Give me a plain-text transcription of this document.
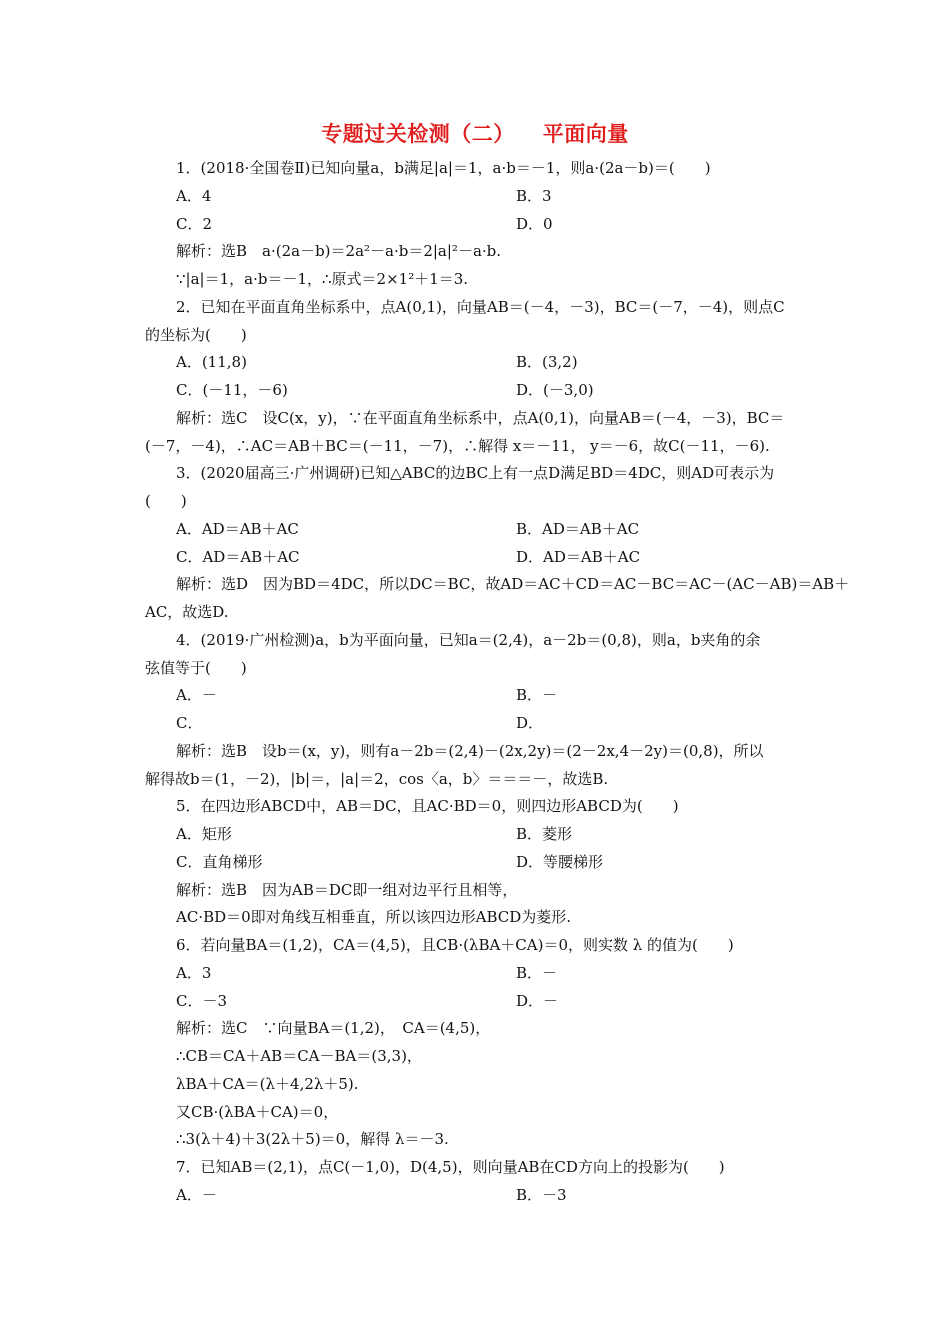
专题过关检测（二） 平面向量
1．(2018·全国卷Ⅱ)已知向量a，b满足|a|＝1，a·b＝－1，则a·(2a－b)＝(　　)
A．4	B．3
C．2	D．0
解析：选B　a·(2a－b)＝2a²－a·b＝2|a|²－a·b.
∵|a|＝1，a·b＝－1，∴原式＝2×1²＋1＝3.
2．已知在平面直角坐标系中，点A(0,1)，向量AB＝(－4，－3)，BC＝(－7，－4)，则点C
的坐标为(　　)
A．(11,8)	B．(3,2)
C．(－11，－6)	D．(－3,0)
解析：选C　设C(x，y)，∵在平面直角坐标系中，点A(0,1)，向量AB＝(－4，－3)，BC＝
(－7，－4)，∴AC＝AB＋BC＝(－11，－7)，∴解得 x＝－11， y＝－6，故C(－11，－6).
3．(2020届高三·广州调研)已知△ABC的边BC上有一点D满足BD＝4DC，则AD可表示为
(　　)
A．AD＝AB＋AC	B．AD＝AB＋AC
C．AD＝AB＋AC	D．AD＝AB＋AC
解析：选D　因为BD＝4DC，所以DC＝BC，故AD＝AC＋CD＝AC－BC＝AC－(AC－AB)＝AB＋
AC，故选D.
4．(2019·广州检测)a，b为平面向量，已知a＝(2,4)，a－2b＝(0,8)，则a，b夹角的余
弦值等于(　　)
A．－	B．－
C．	D．
解析：选B　设b＝(x，y)，则有a－2b＝(2,4)－(2x,2y)＝(2－2x,4－2y)＝(0,8)，所以
解得故b＝(1，－2)，|b|＝，|a|＝2，cos〈a，b〉＝＝＝－，故选B.
5．在四边形ABCD中，AB＝DC，且AC·BD＝0，则四边形ABCD为(　　)
A．矩形	B．菱形
C．直角梯形	D．等腰梯形
解析：选B　因为AB＝DC即一组对边平行且相等，
AC·BD＝0即对角线互相垂直，所以该四边形ABCD为菱形.
6．若向量BA＝(1,2)，CA＝(4,5)，且CB·(λBA＋CA)＝0，则实数 λ 的值为(　　)
A．3	B．－
C．－3	D．－
解析：选C　∵向量BA＝(1,2)，　CA＝(4,5)，
∴CB＝CA＋AB＝CA－BA＝(3,3)，
λBA＋CA＝(λ＋4,2λ＋5).
又CB·(λBA＋CA)＝0，
∴3(λ＋4)＋3(2λ＋5)＝0，解得 λ＝－3.
7．已知AB＝(2,1)，点C(－1,0)，D(4,5)，则向量AB在CD方向上的投影为(　　)
A．－	B．－3
